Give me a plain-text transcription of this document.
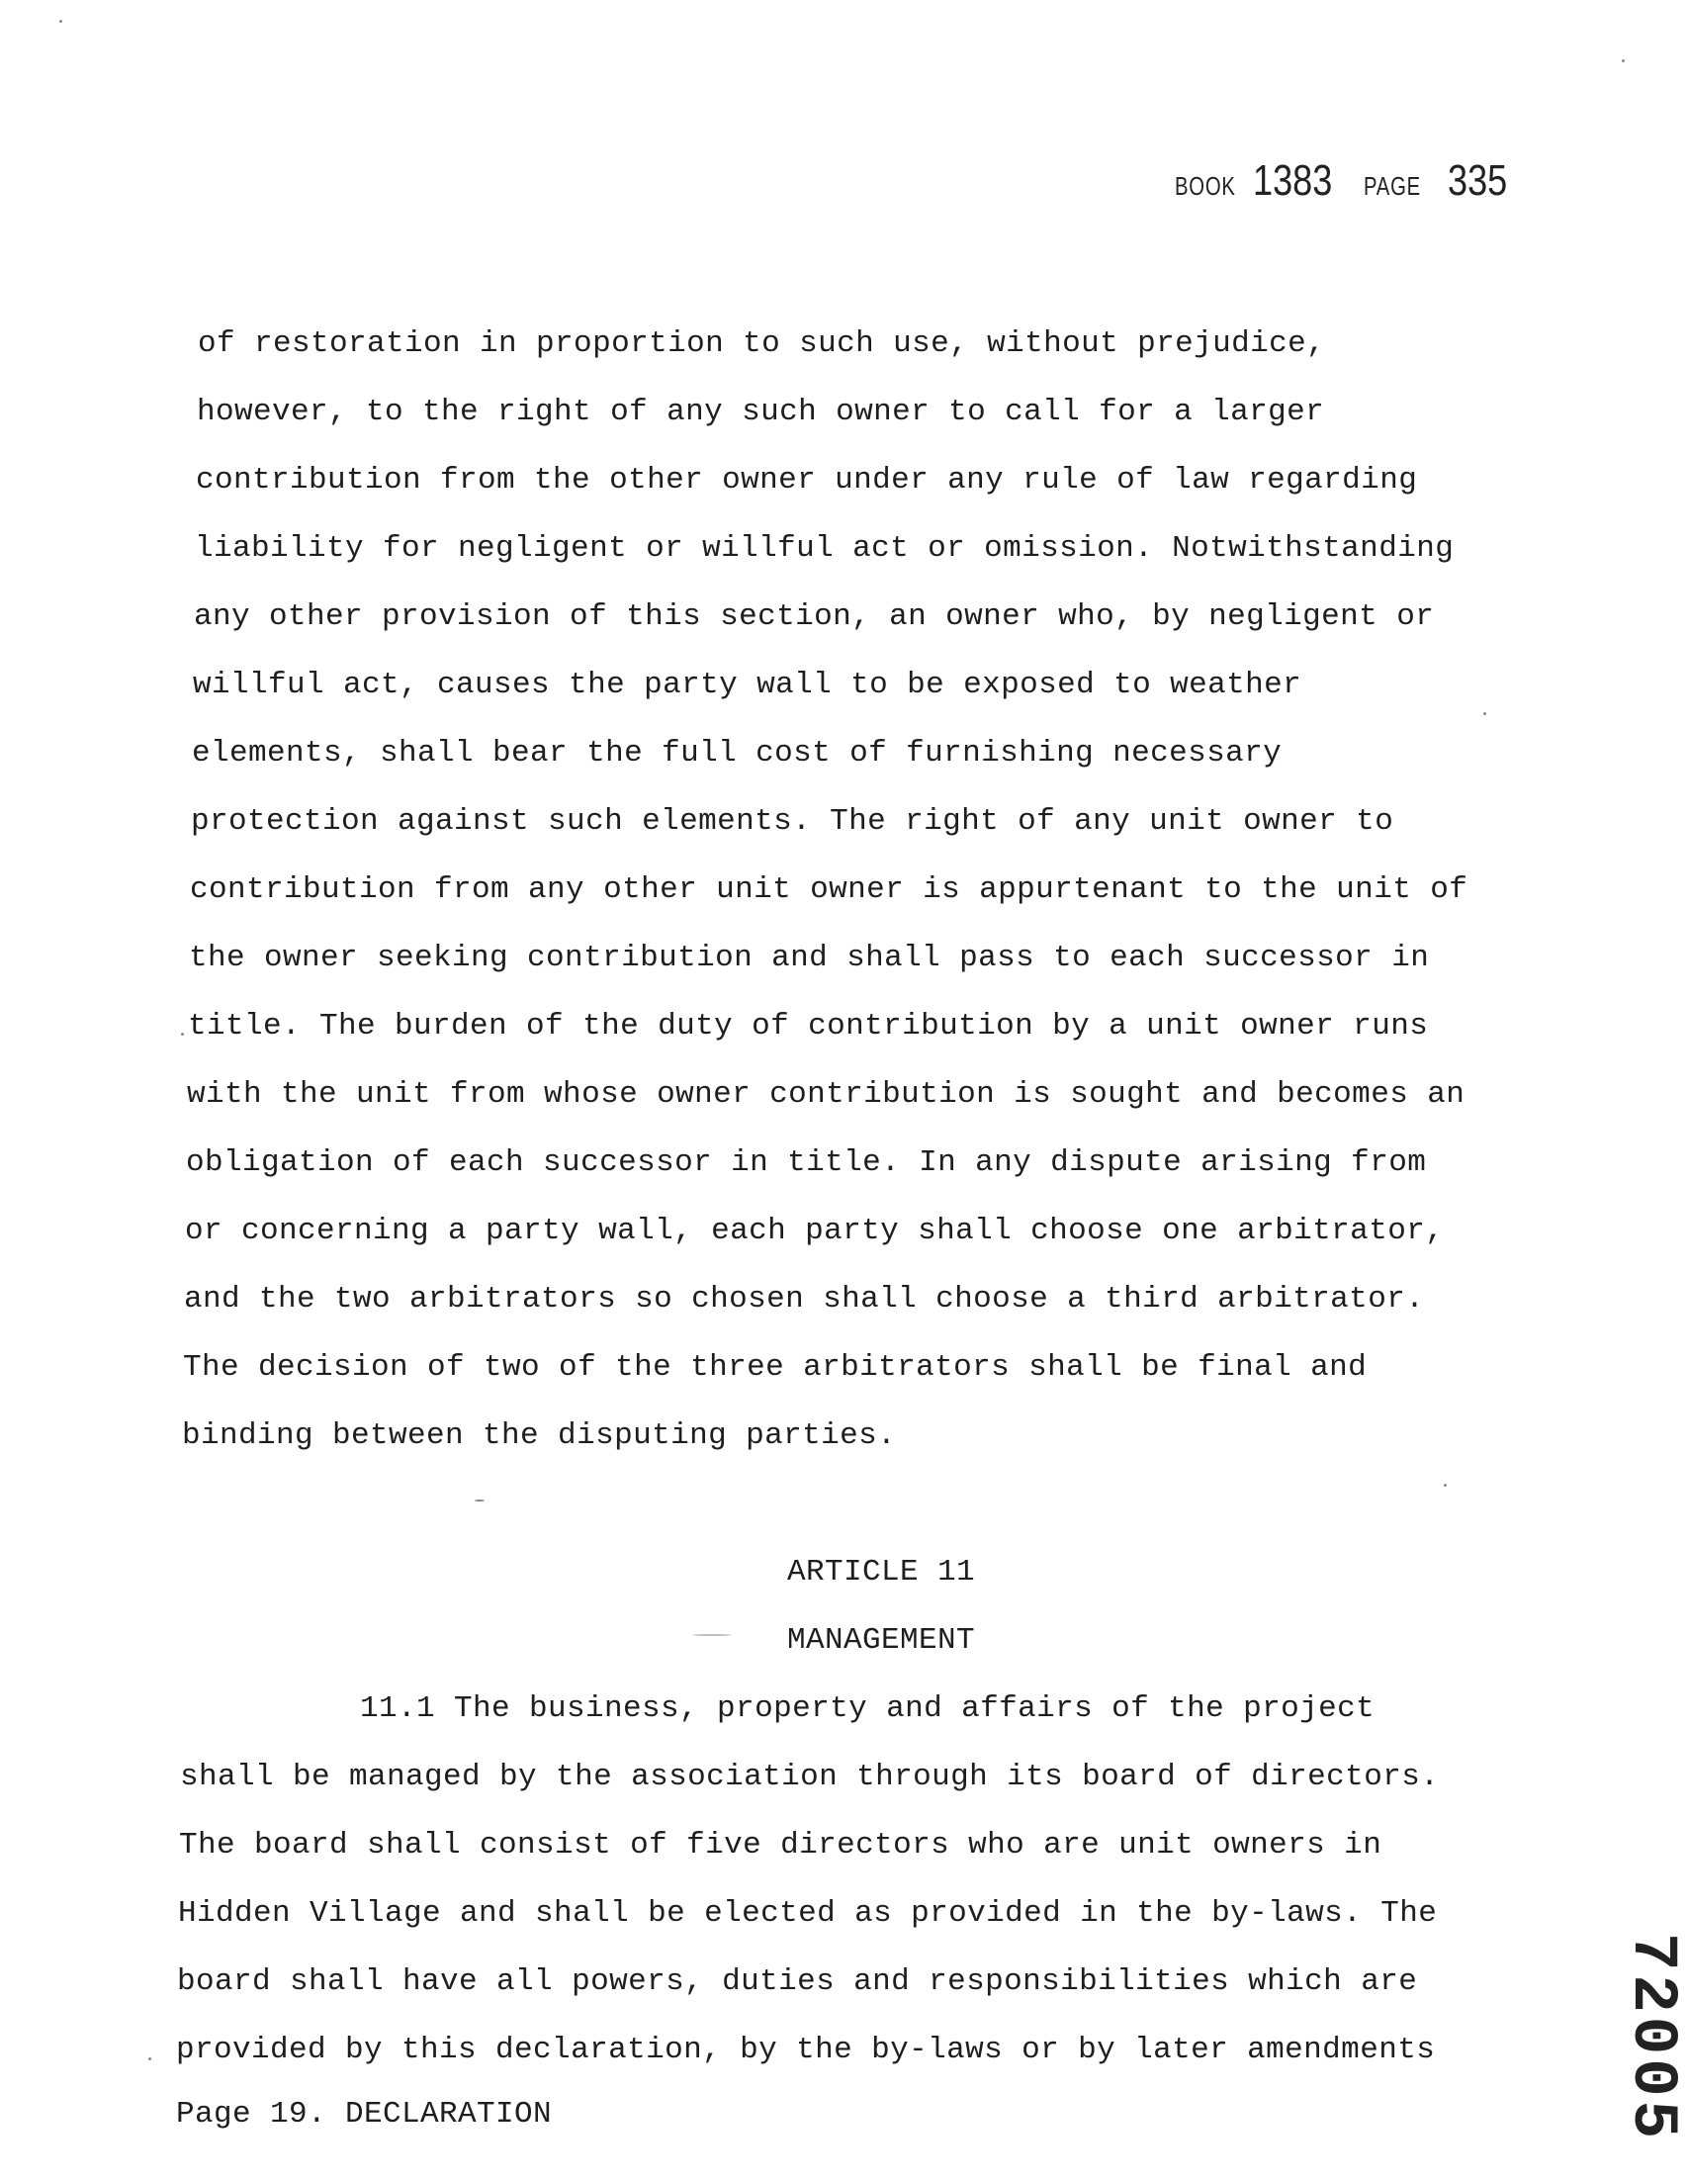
BOOK 1383 PAGE 335
of restoration in proportion to such use, without prejudice,
however, to the right of any such owner to call for a larger
contribution from the other owner under any rule of law regarding
liability for negligent or willful act or omission. Notwithstanding
any other provision of this section, an owner who, by negligent or
willful act, causes the party wall to be exposed to weather
elements, shall bear the full cost of furnishing necessary
protection against such elements. The right of any unit owner to
contribution from any other unit owner is appurtenant to the unit of
the owner seeking contribution and shall pass to each successor in
title. The burden of the duty of contribution by a unit owner runs
with the unit from whose owner contribution is sought and becomes an
obligation of each successor in title. In any dispute arising from
or concerning a party wall, each party shall choose one arbitrator,
and the two arbitrators so chosen shall choose a third arbitrator.
The decision of two of the three arbitrators shall be final and
binding between the disputing parties.
ARTICLE 11
MANAGEMENT
11.1 The business, property and affairs of the project
shall be managed by the association through its board of directors.
The board shall consist of five directors who are unit owners in
Hidden Village and shall be elected as provided in the by-laws. The
board shall have all powers, duties and responsibilities which are
provided by this declaration, by the by-laws or by later amendments
Page 19. DECLARATION	72005
